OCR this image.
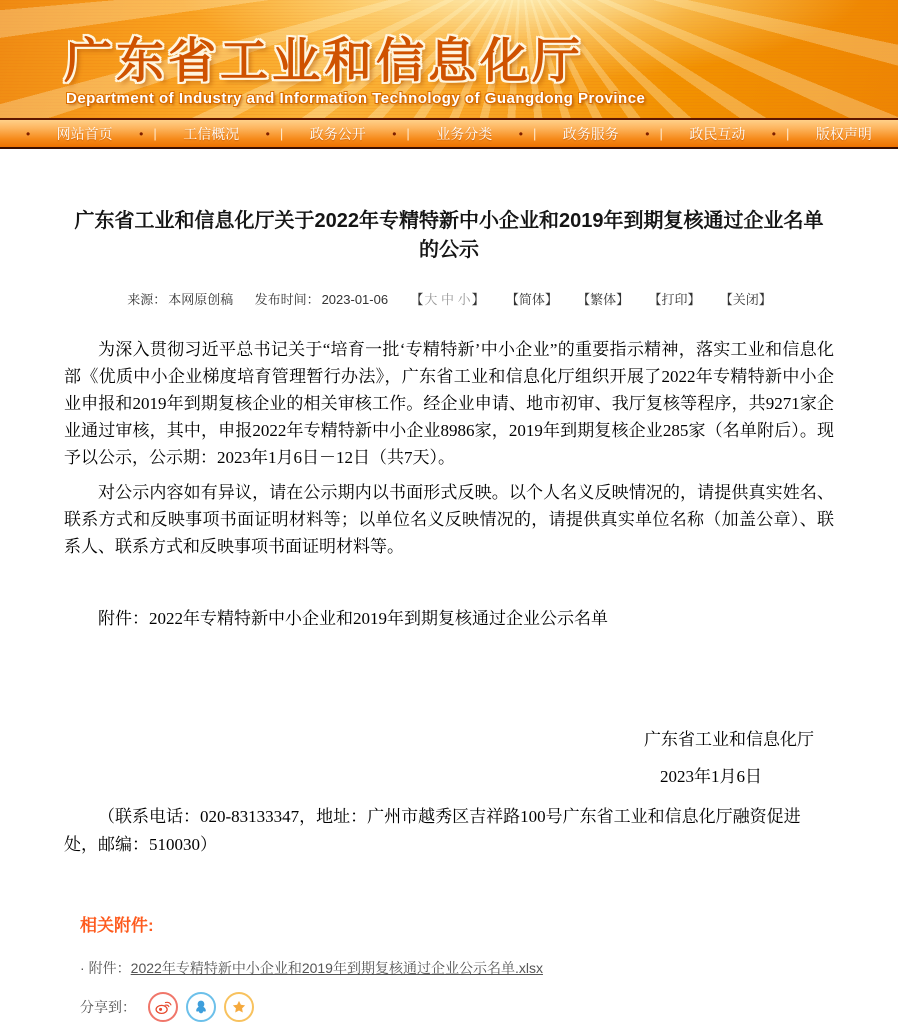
广东省工业和信息化厅
Department of Industry and Information Technology of Guangdong Province
• 网站首页 • | 工信概况 • | 政务公开 • | 业务分类 • | 政务服务 • | 政民互动 • | 版权声明
广东省工业和信息化厅关于2022年专精特新中小企业和2019年到期复核通过企业名单的公示
来源： 本网原创稿 发布时间： 2023-01-06 【大 中 小】 【简体】 【繁体】 【打印】 【关闭】

为深入贯彻习近平总书记关于“培育一批‘专精特新’中小企业”的重要指示精神，落实工业和信息化部《优质中小企业梯度培育管理暂行办法》，广东省工业和信息化厅组织开展了2022年专精特新中小企业申报和2019年到期复核企业的相关审核工作。经企业申请、地市初审、我厅复核等程序，共9271家企业通过审核，其中，申报2022年专精特新中小企业8986家，2019年到期复核企业285家（名单附后）。现予以公示，公示期：2023年1月6日－12日（共7天）。

对公示内容如有异议，请在公示期内以书面形式反映。以个人名义反映情况的，请提供真实姓名、联系方式和反映事项书面证明材料等；以单位名义反映情况的，请提供真实单位名称（加盖公章）、联系人、联系方式和反映事项书面证明材料等。

附件：2022年专精特新中小企业和2019年到期复核通过企业公示名单
广东省工业和信息化厅
2023年1月6日
（联系电话：020-83133347，地址：广州市越秀区吉祥路100号广东省工业和信息化厅融资促进处，邮编：510030）
相关附件:
· 附件：2022年专精特新中小企业和2019年到期复核通过企业公示名单.xlsx
分享到：
